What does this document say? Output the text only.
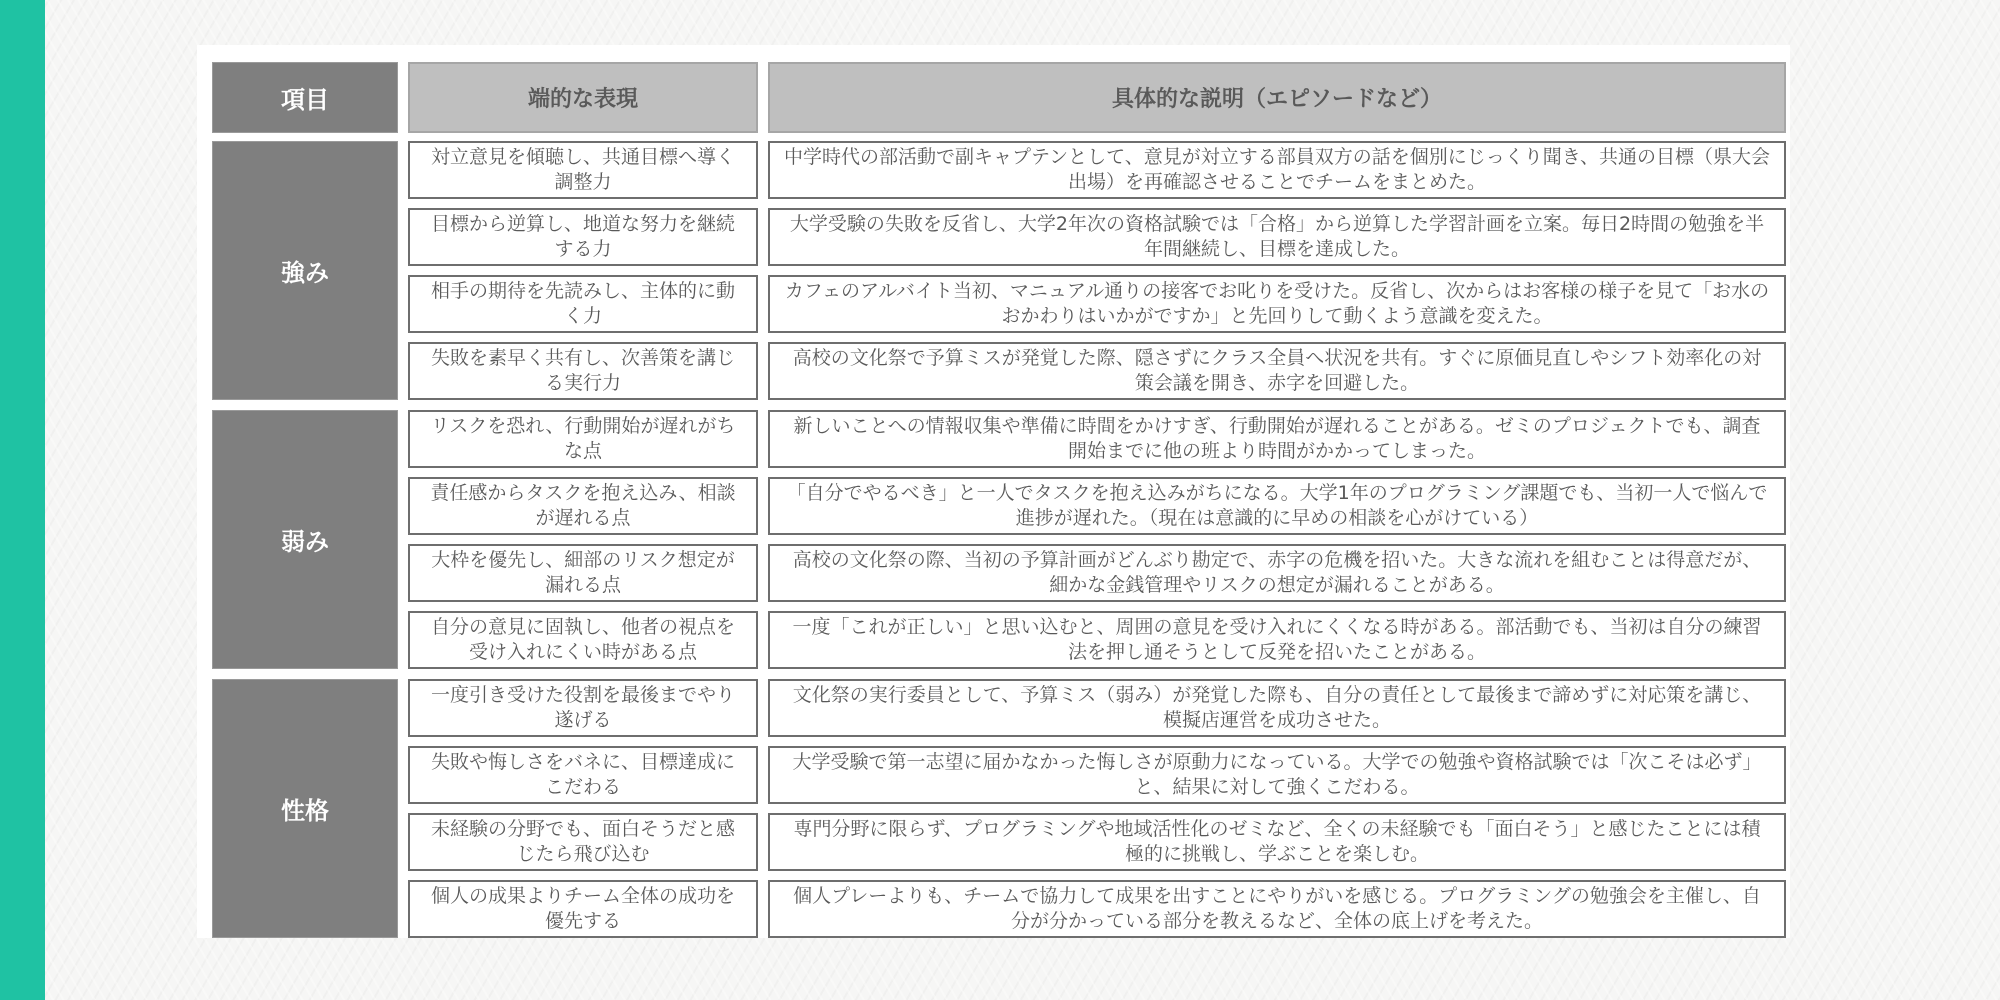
項目	端的な表現	具体的な説明（エピソードなど）
強み
対立意見を傾聴し、共通目標へ導く調整力
中学時代の部活動で副キャプテンとして、意見が対立する部員双方の話を個別にじっくり聞き、共通の目標（県大会出場）を再確認させることでチームをまとめた。
目標から逆算し、地道な努力を継続する力
大学受験の失敗を反省し、大学2年次の資格試験では「合格」から逆算した学習計画を立案。毎日2時間の勉強を半年間継続し、目標を達成した。
相手の期待を先読みし、主体的に動く力
カフェのアルバイト当初、マニュアル通りの接客でお叱りを受けた。反省し、次からはお客様の様子を見て「お水のおかわりはいかがですか」と先回りして動くよう意識を変えた。
失敗を素早く共有し、次善策を講じる実行力
高校の文化祭で予算ミスが発覚した際、隠さずにクラス全員へ状況を共有。すぐに原価見直しやシフト効率化の対策会議を開き、赤字を回避した。
弱み
リスクを恐れ、行動開始が遅れがちな点
新しいことへの情報収集や準備に時間をかけすぎ、行動開始が遅れることがある。ゼミのプロジェクトでも、調査開始までに他の班より時間がかかってしまった。
責任感からタスクを抱え込み、相談が遅れる点
「自分でやるべき」と一人でタスクを抱え込みがちになる。大学1年のプログラミング課題でも、当初一人で悩んで進捗が遅れた。（現在は意識的に早めの相談を心がけている）
大枠を優先し、細部のリスク想定が漏れる点
高校の文化祭の際、当初の予算計画がどんぶり勘定で、赤字の危機を招いた。大きな流れを組むことは得意だが、細かな金銭管理やリスクの想定が漏れることがある。
自分の意見に固執し、他者の視点を受け入れにくい時がある点
一度「これが正しい」と思い込むと、周囲の意見を受け入れにくくなる時がある。部活動でも、当初は自分の練習法を押し通そうとして反発を招いたことがある。
性格
一度引き受けた役割を最後までやり遂げる
文化祭の実行委員として、予算ミス（弱み）が発覚した際も、自分の責任として最後まで諦めずに対応策を講じ、模擬店運営を成功させた。
失敗や悔しさをバネに、目標達成にこだわる
大学受験で第一志望に届かなかった悔しさが原動力になっている。大学での勉強や資格試験では「次こそは必ず」と、結果に対して強くこだわる。
未経験の分野でも、面白そうだと感じたら飛び込む
専門分野に限らず、プログラミングや地域活性化のゼミなど、全くの未経験でも「面白そう」と感じたことには積極的に挑戦し、学ぶことを楽しむ。
個人の成果よりチーム全体の成功を優先する
個人プレーよりも、チームで協力して成果を出すことにやりがいを感じる。プログラミングの勉強会を主催し、自分が分かっている部分を教えるなど、全体の底上げを考えた。
